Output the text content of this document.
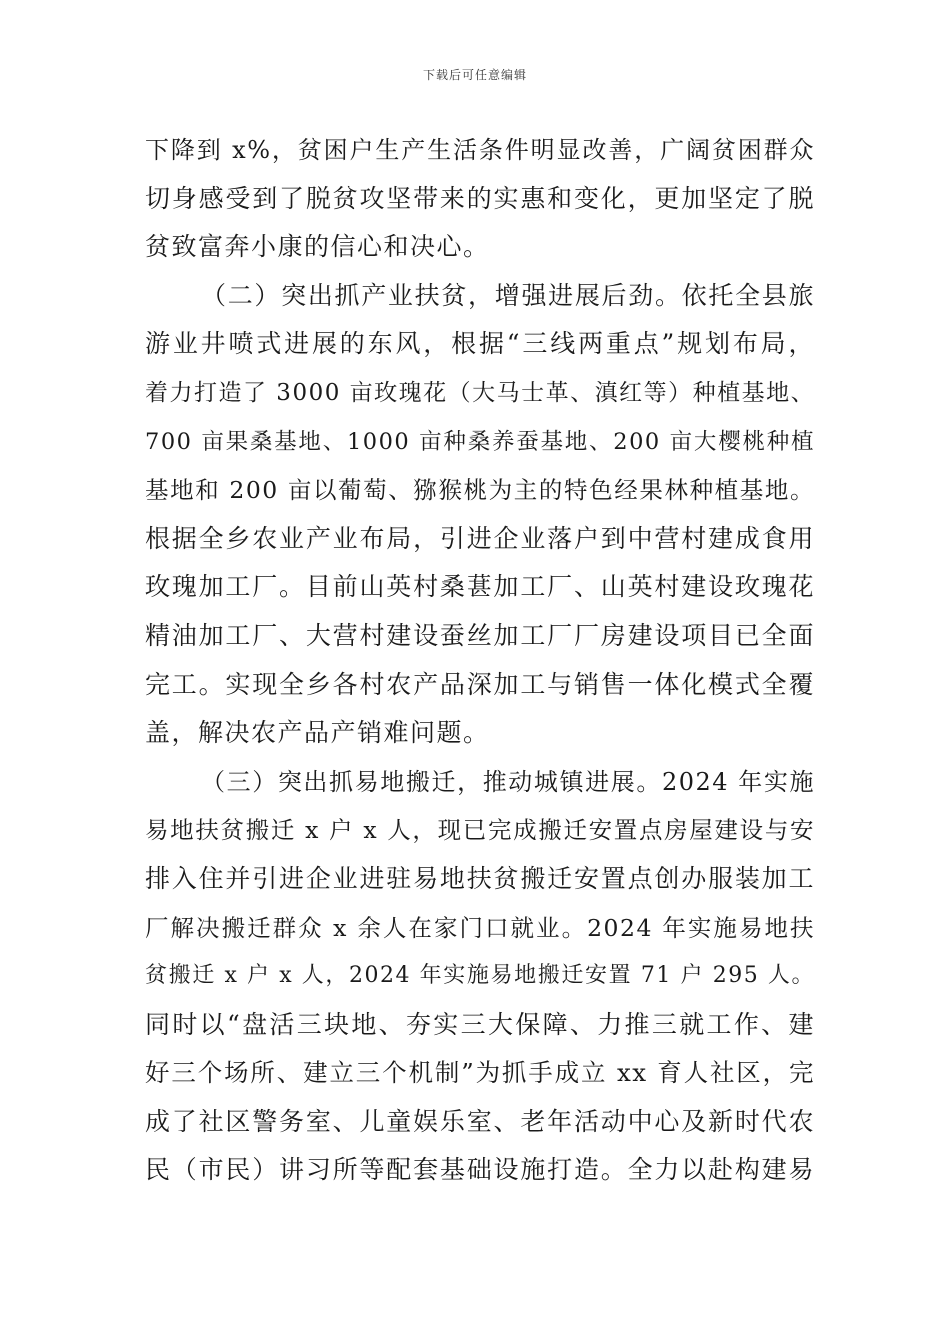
下载后可任意编辑
下降到 x%，贫困户生产生活条件明显改善，广阔贫困群众
切身感受到了脱贫攻坚带来的实惠和变化，更加坚定了脱
贫致富奔小康的信心和决心。
（二）突出抓产业扶贫，增强进展后劲。依托全县旅
游业井喷式进展的东风，根据“三线两重点”规划布局，
着力打造了 3000 亩玫瑰花（大马士革、滇红等）种植基地、
700 亩果桑基地、1000 亩种桑养蚕基地、200 亩大樱桃种植
基地和 200 亩以葡萄、猕猴桃为主的特色经果林种植基地。
根据全乡农业产业布局，引进企业落户到中营村建成食用
玫瑰加工厂。目前山英村桑葚加工厂、山英村建设玫瑰花
精油加工厂、大营村建设蚕丝加工厂厂房建设项目已全面
完工。实现全乡各村农产品深加工与销售一体化模式全覆
盖，解决农产品产销难问题。
（三）突出抓易地搬迁，推动城镇进展。2024 年实施
易地扶贫搬迁 x 户 x 人，现已完成搬迁安置点房屋建设与安
排入住并引进企业进驻易地扶贫搬迁安置点创办服装加工
厂解决搬迁群众 x 余人在家门口就业。2024 年实施易地扶
贫搬迁 x 户 x 人，2024 年实施易地搬迁安置 71 户 295 人。
同时以“盘活三块地、夯实三大保障、力推三就工作、建
好三个场所、建立三个机制”为抓手成立 xx 育人社区，完
成了社区警务室、儿童娱乐室、老年活动中心及新时代农
民（市民）讲习所等配套基础设施打造。全力以赴构建易
